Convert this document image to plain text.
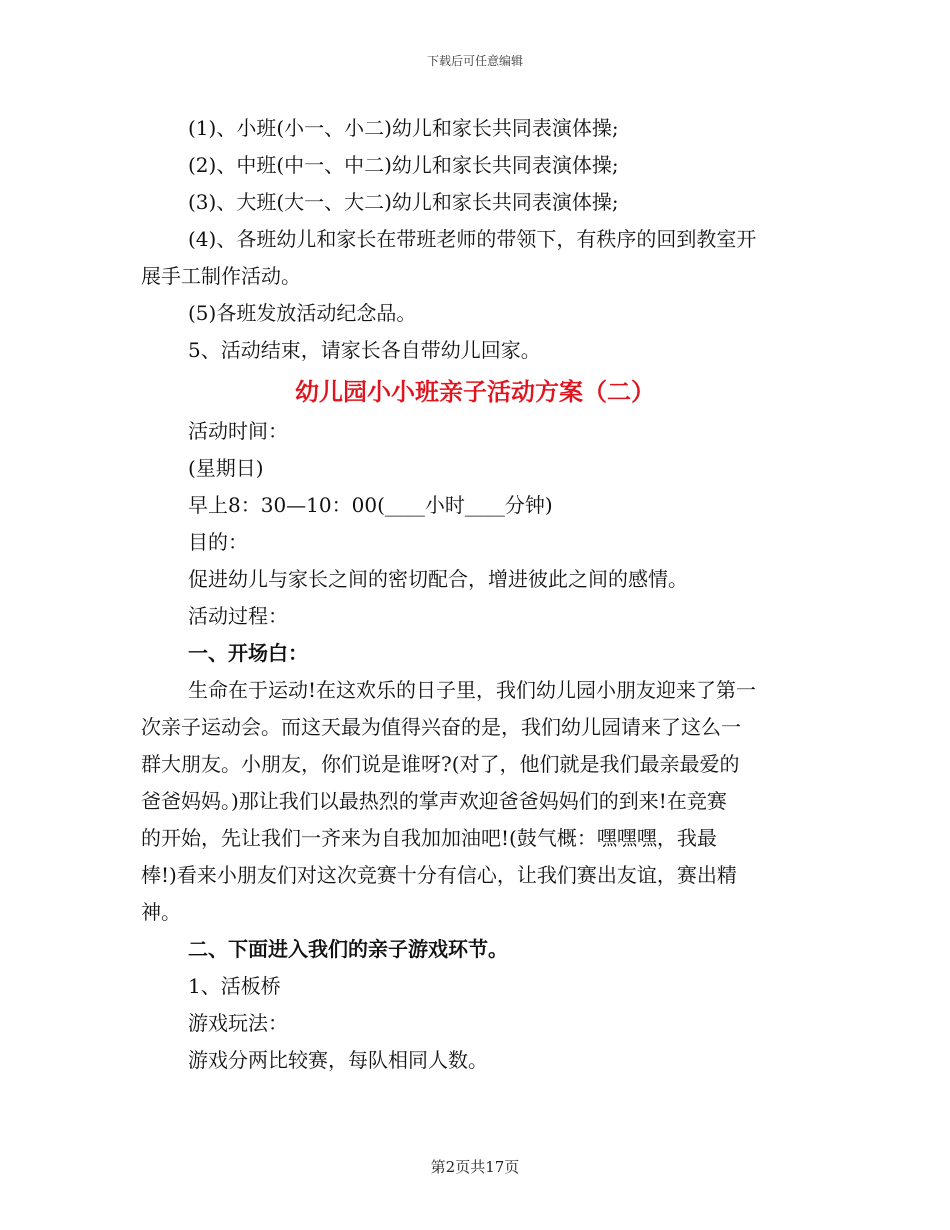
下载后可任意编辑
(1)、小班(小一、小二)幼儿和家长共同表演体操;
(2)、中班(中一、中二)幼儿和家长共同表演体操;
(3)、大班(大一、大二)幼儿和家长共同表演体操;
(4)、各班幼儿和家长在带班老师的带领下，有秩序的回到教室开
展手工制作活动。
(5)各班发放活动纪念品。
5、活动结束，请家长各自带幼儿回家。
幼儿园小小班亲子活动方案（二）
活动时间：
(星期日)
早上8：30—10：00(____小时____分钟)
目的：
促进幼儿与家长之间的密切配合，增进彼此之间的感情。
活动过程：
一、开场白：
生命在于运动!在这欢乐的日子里，我们幼儿园小朋友迎来了第一
次亲子运动会。而这天最为值得兴奋的是，我们幼儿园请来了这么一
群大朋友。小朋友，你们说是谁呀?(对了，他们就是我们最亲最爱的
爸爸妈妈。)那让我们以最热烈的掌声欢迎爸爸妈妈们的到来!在竞赛
的开始，先让我们一齐来为自我加加油吧!(鼓气概：嘿嘿嘿，我最
棒!)看来小朋友们对这次竞赛十分有信心，让我们赛出友谊，赛出精
神。
二、下面进入我们的亲子游戏环节。
1、活板桥
游戏玩法：
游戏分两比较赛，每队相同人数。
第2页共17页
